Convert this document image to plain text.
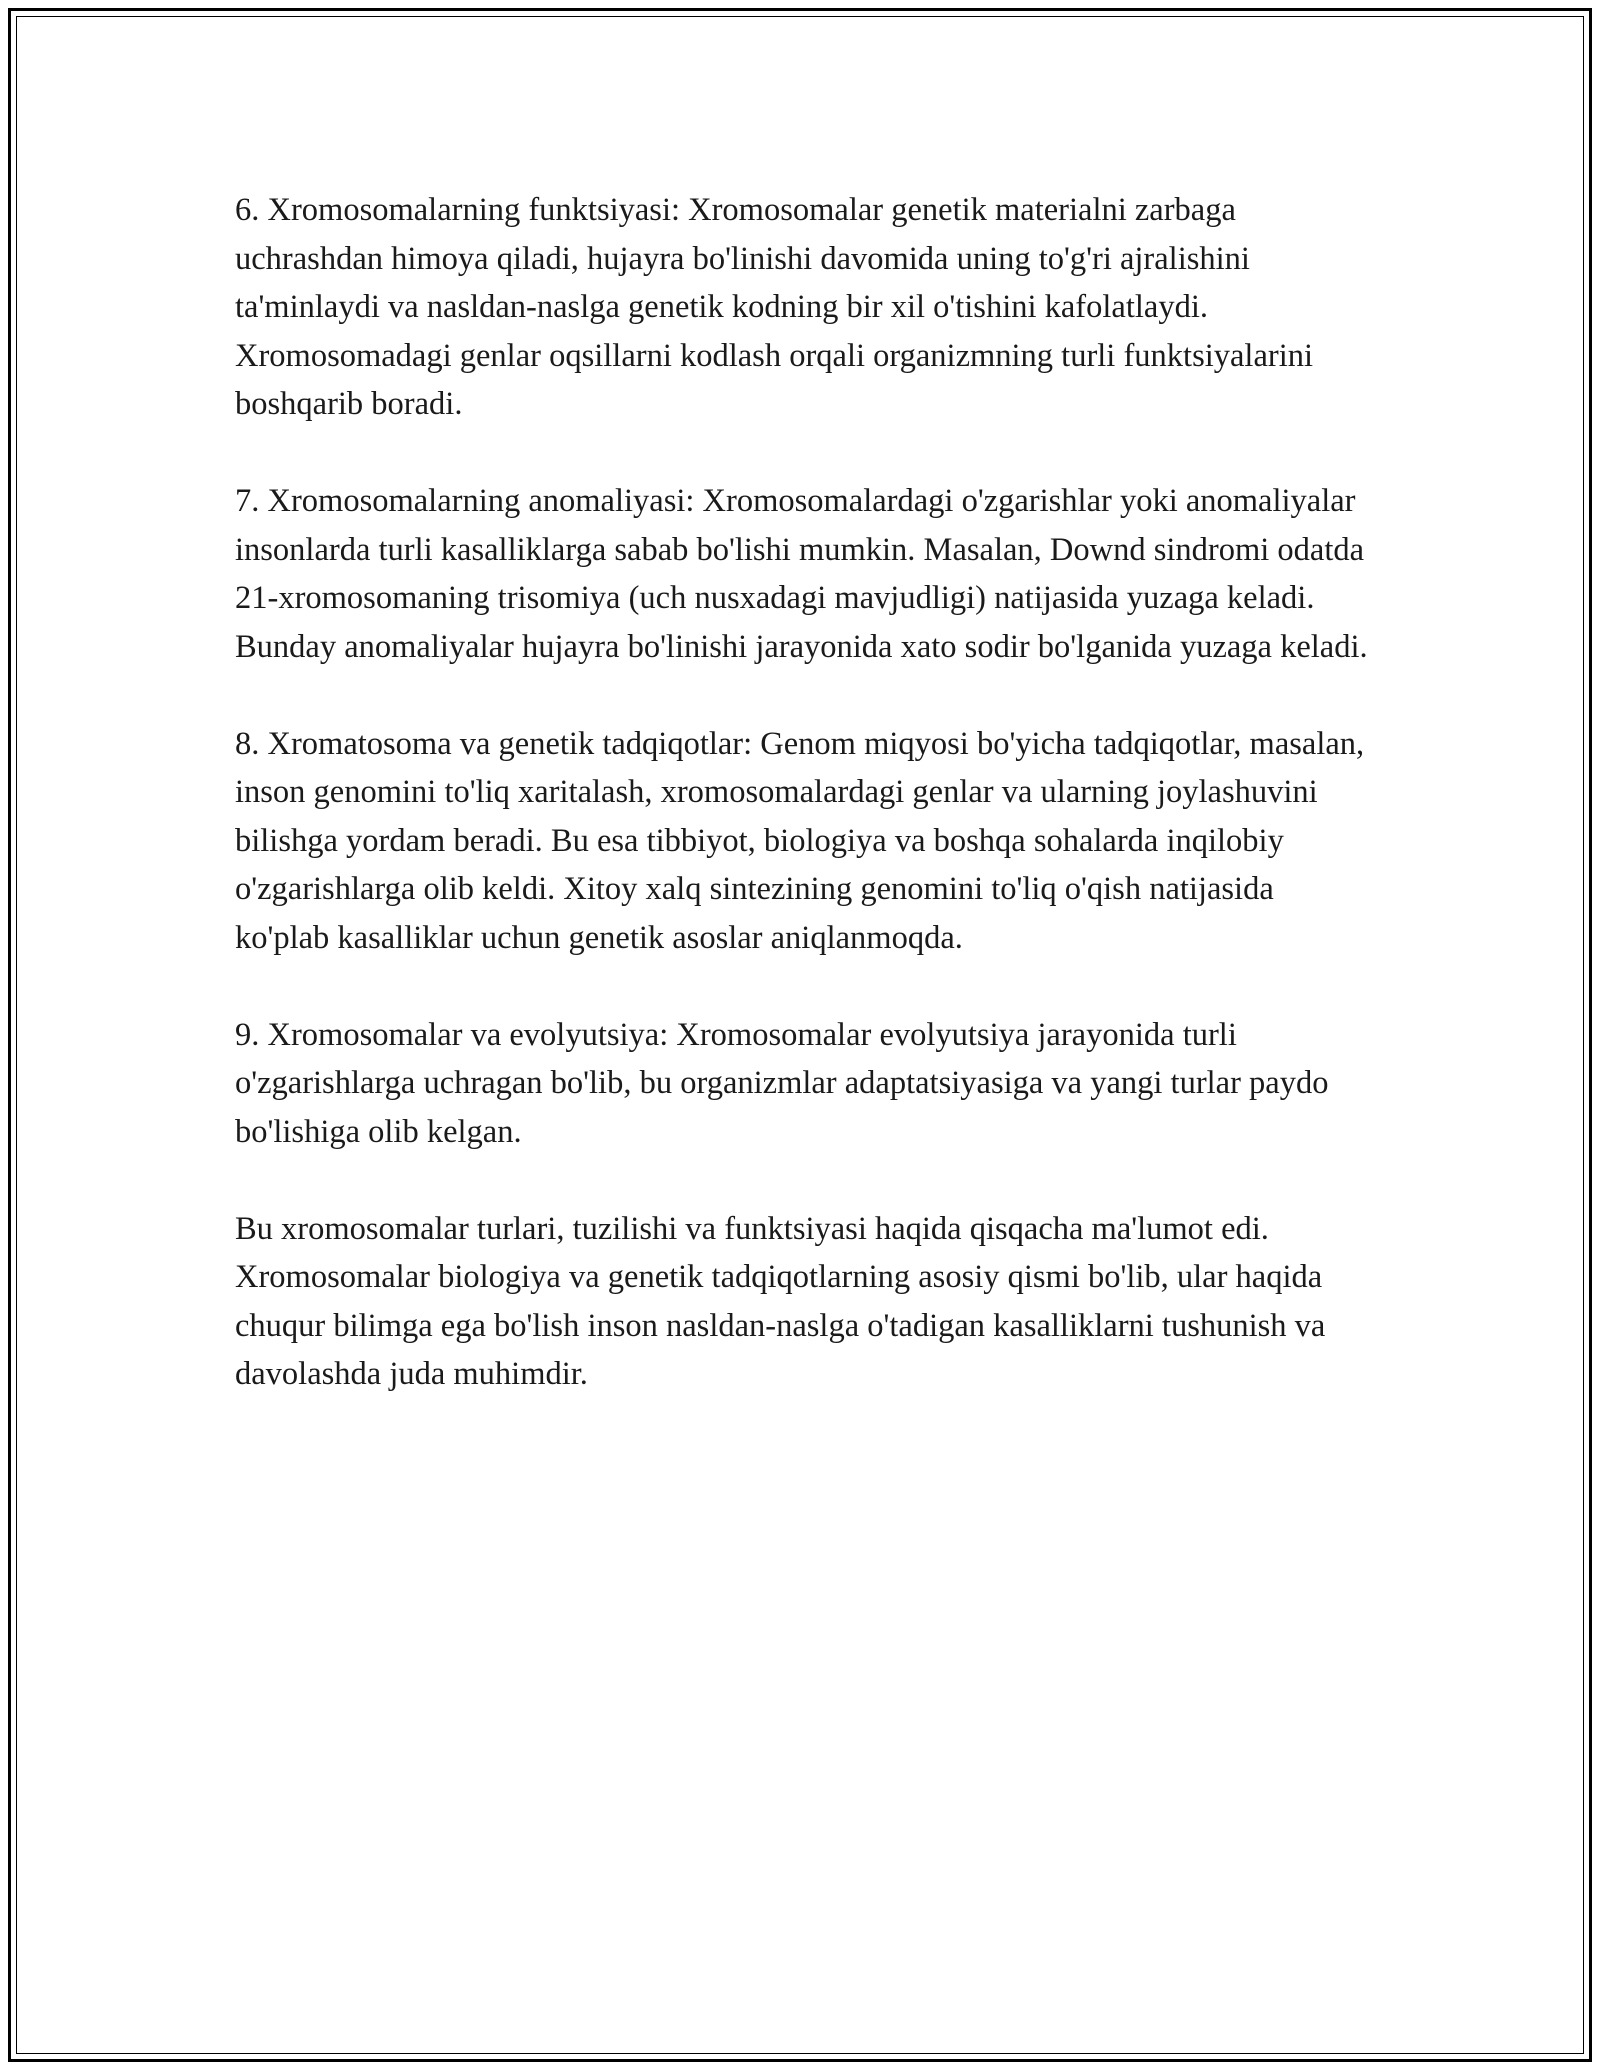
6. Xromosomalarning funktsiyasi: Xromosomalar genetik materialni zarbaga uchrashdan himoya qiladi, hujayra bo'linishi davomida uning to'g'ri ajralishini ta'minlaydi va nasldan-naslga genetik kodning bir xil o'tishini kafolatlaydi. Xromosomadagi genlar oqsillarni kodlash orqali organizmning turli funktsiyalarini boshqarib boradi.

7. Xromosomalarning anomaliyasi: Xromosomalardagi o'zgarishlar yoki anomaliyalar insonlarda turli kasalliklarga sabab bo'lishi mumkin. Masalan, Downd sindromi odatda 21-xromosomaning trisomiya (uch nusxadagi mavjudligi) natijasida yuzaga keladi. Bunday anomaliyalar hujayra bo'linishi jarayonida xato sodir bo'lganida yuzaga keladi.

8. Xromatosoma va genetik tadqiqotlar: Genom miqyosi bo'yicha tadqiqotlar, masalan, inson genomini to'liq xaritalash, xromosomalardagi genlar va ularning joylashuvini bilishga yordam beradi. Bu esa tibbiyot, biologiya va boshqa sohalarda inqilobiy o'zgarishlarga olib keldi. Xitoy xalq sintezining genomini to'liq o'qish natijasida ko'plab kasalliklar uchun genetik asoslar aniqlanmoqda.

9. Xromosomalar va evolyutsiya: Xromosomalar evolyutsiya jarayonida turli o'zgarishlarga uchragan bo'lib, bu organizmlar adaptatsiyasiga va yangi turlar paydo bo'lishiga olib kelgan.

Bu xromosomalar turlari, tuzilishi va funktsiyasi haqida qisqacha ma'lumot edi. Xromosomalar biologiya va genetik tadqiqotlarning asosiy qismi bo'lib, ular haqida chuqur bilimga ega bo'lish inson nasldan-naslga o'tadigan kasalliklarni tushunish va davolashda juda muhimdir.
